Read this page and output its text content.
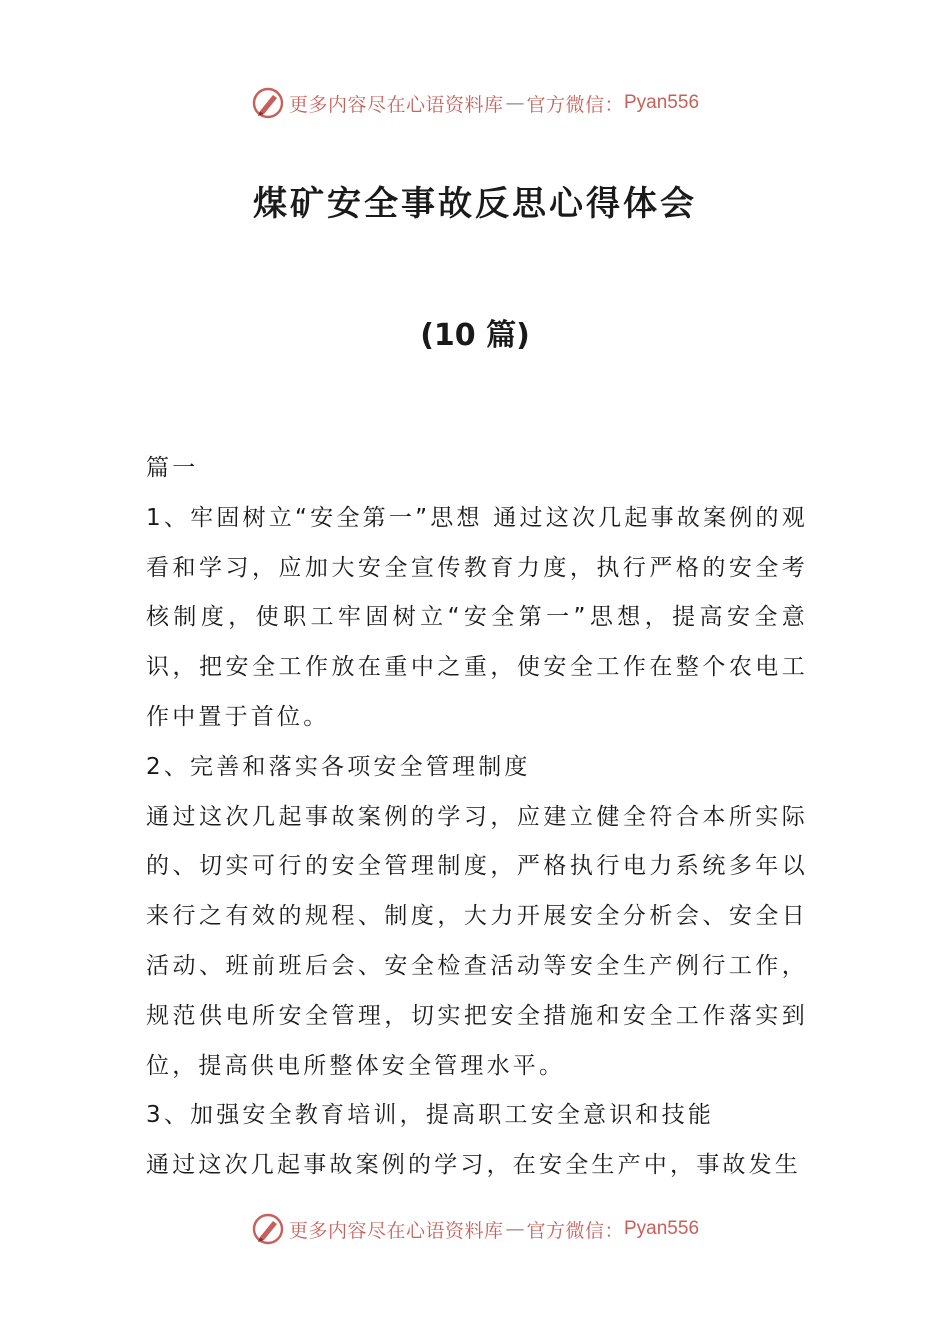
更多内容尽在心语资料库 — 官方微信： Pyan556
煤矿安全事故反思心得体会
(10 篇)

篇一

1、牢固树立“安全第一”思想 通过这次几起事故案例的观看和学习，应加大安全宣传教育力度，执行严格的安全考核制度，使职工牢固树立“安全第一”思想，提高安全意识，把安全工作放在重中之重，使安全工作在整个农电工作中置于首位。

2、完善和落实各项安全管理制度

通过这次几起事故案例的学习，应建立健全符合本所实际的、切实可行的安全管理制度，严格执行电力系统多年以来行之有效的规程、制度，大力开展安全分析会、安全日活动、班前班后会、安全检查活动等安全生产例行工作，规范供电所安全管理，切实把安全措施和安全工作落实到位，提高供电所整体安全管理水平。

3、加强安全教育培训，提高职工安全意识和技能

通过这次几起事故案例的学习，在安全生产中，事故发生

更多内容尽在心语资料库 — 官方微信： Pyan556
